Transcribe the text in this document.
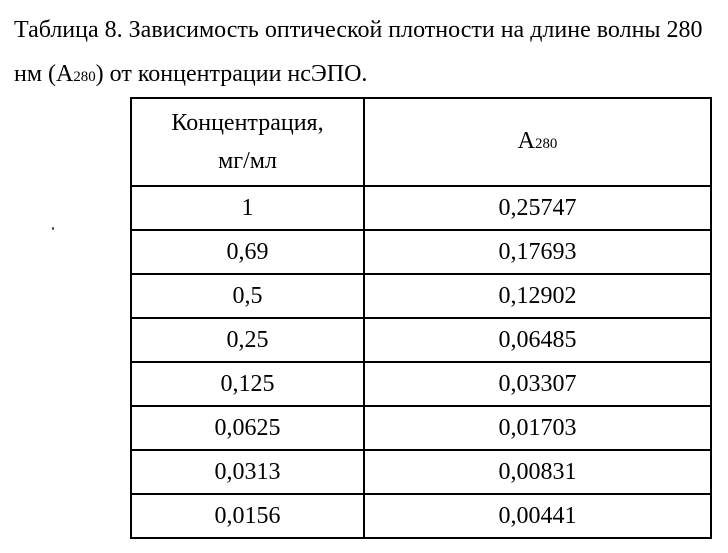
Таблица 8. Зависимость оптической плотности на длине волны 280 нм (A280) от концентрации нсЭПО.

Концентрация,
мг/мл	A280
1	0,25747
0,69	0,17693
0,5	0,12902
0,25	0,06485
0,125	0,03307
0,0625	0,01703
0,0313	0,00831
0,0156	0,00441
